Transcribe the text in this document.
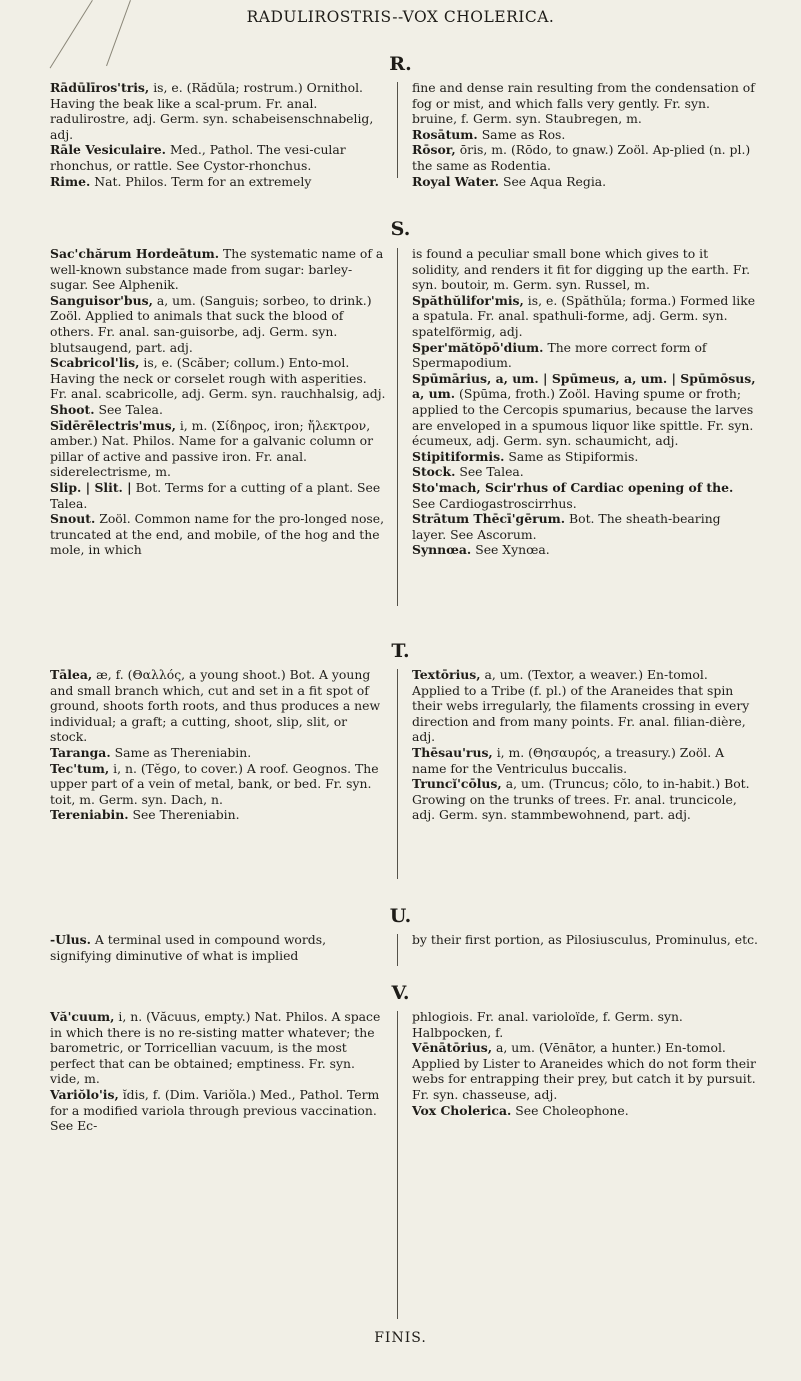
RADULIROSTRIS--VOX CHOLERICA.
R.

Rādūlīros'tris, is, e. (Rădŭla; rostrum.) Ornithol. Having the beak like a scal-prum. Fr. anal. radulirostre, adj. Germ. syn. schabeisenschnabelig, adj.

Rāle Vesiculaire. Med., Pathol. The vesi-cular rhonchus, or rattle. See Cystor-rhonchus.

Rime. Nat. Philos. Term for an extremely

fine and dense rain resulting from the condensation of fog or mist, and which falls very gently. Fr. syn. bruine, f. Germ. syn. Staubregen, m.

Rosātum. Same as Ros.

Rōsor, ōris, m. (Rōdo, to gnaw.) Zoöl. Ap-plied (n. pl.) the same as Rodentia.

Royal Water. See Aqua Regia.

S.

Sac'chărum Hordeātum. The systematic name of a well-known substance made from sugar: barley-sugar. See Alphenik.

Sanguisor'bus, a, um. (Sanguis; sorbeo, to drink.) Zoöl. Applied to animals that suck the blood of others. Fr. anal. san-guisorbe, adj. Germ. syn. blutsaugend, part. adj.

Scabricol'lis, is, e. (Scăber; collum.) Ento-mol. Having the neck or corselet rough with asperities. Fr. anal. scabricolle, adj. Germ. syn. rauchhalsig, adj.

Shoot. See Talea.

Sīdērēlectris'mus, i, m. (Σίδηρος, iron; ἤλεκτρον, amber.) Nat. Philos. Name for a galvanic column or pillar of active and passive iron. Fr. anal. siderelectrisme, m.

Slip. | Slit. | Bot. Terms for a cutting of a plant. See Talea.

Snout. Zoöl. Common name for the pro-longed nose, truncated at the end, and mobile, of the hog and the mole, in which

is found a peculiar small bone which gives to it solidity, and renders it fit for digging up the earth. Fr. syn. boutoir, m. Germ. syn. Russel, m.

Spăthŭlifor'mis, is, e. (Spăthŭla; forma.) Formed like a spatula. Fr. anal. spathuli-forme, adj. Germ. syn. spatelförmig, adj.

Sper'mătŏpō'dium. The more correct form of Spermapodium.

Spūmārius, a, um. | Spūmeus, a, um. | Spūmōsus, a, um. (Spūma, froth.) Zoöl. Having spume or froth; applied to the Cercopis spumarius, because the larves are enveloped in a spumous liquor like spittle. Fr. syn. écumeux, adj. Germ. syn. schaumicht, adj.

Stipitiformis. Same as Stipiformis.

Stock. See Talea.

Sto'mach, Scir'rhus of Cardiac opening of the. See Cardiogastroscirrhus.

Strātum Thēcī'gērum. Bot. The sheath-bearing layer. See Ascorum.

Synnœa. See Xynœa.

T.

Tālea, æ, f. (Θαλλός, a young shoot.) Bot. A young and small branch which, cut and set in a fit spot of ground, shoots forth roots, and thus produces a new individual; a graft; a cutting, shoot, slip, slit, or stock.

Taranga. Same as Thereniabin.

Tec'tum, i, n. (Tĕgo, to cover.) A roof. Geognos. The upper part of a vein of metal, bank, or bed. Fr. syn. toit, m. Germ. syn. Dach, n.

Tereniabin. See Thereniabin.

Textōrius, a, um. (Textor, a weaver.) En-tomol. Applied to a Tribe (f. pl.) of the Araneides that spin their webs irregularly, the filaments crossing in every direction and from many points. Fr. anal. filian-dière, adj.

Thēsau'rus, i, m. (Θησαυρός, a treasury.) Zoöl. A name for the Ventriculus buccalis.

Truncĭ'cōlus, a, um. (Truncus; cŏlo, to in-habit.) Bot. Growing on the trunks of trees. Fr. anal. truncicole, adj. Germ. syn. stammbewohnend, part. adj.

U.

-Ulus. A terminal used in compound words, signifying diminutive of what is implied

by their first portion, as Pilosiusculus, Prominulus, etc.

V.

Vă'cuum, i, n. (Văcuus, empty.) Nat. Philos. A space in which there is no re-sisting matter whatever; the barometric, or Torricellian vacuum, is the most perfect that can be obtained; emptiness. Fr. syn. vide, m.

Variŏlo'is, ĭdis, f. (Dim. Variŏla.) Med., Pathol. Term for a modified variola through previous vaccination. See Ec-

phlogiois. Fr. anal. varioloïde, f. Germ. syn. Halbpocken, f.

Vēnātōrius, a, um. (Vēnātor, a hunter.) En-tomol. Applied by Lister to Araneides which do not form their webs for entrapping their prey, but catch it by pursuit. Fr. syn. chasseuse, adj.

Vox Cholerica. See Choleophone.

FINIS.
